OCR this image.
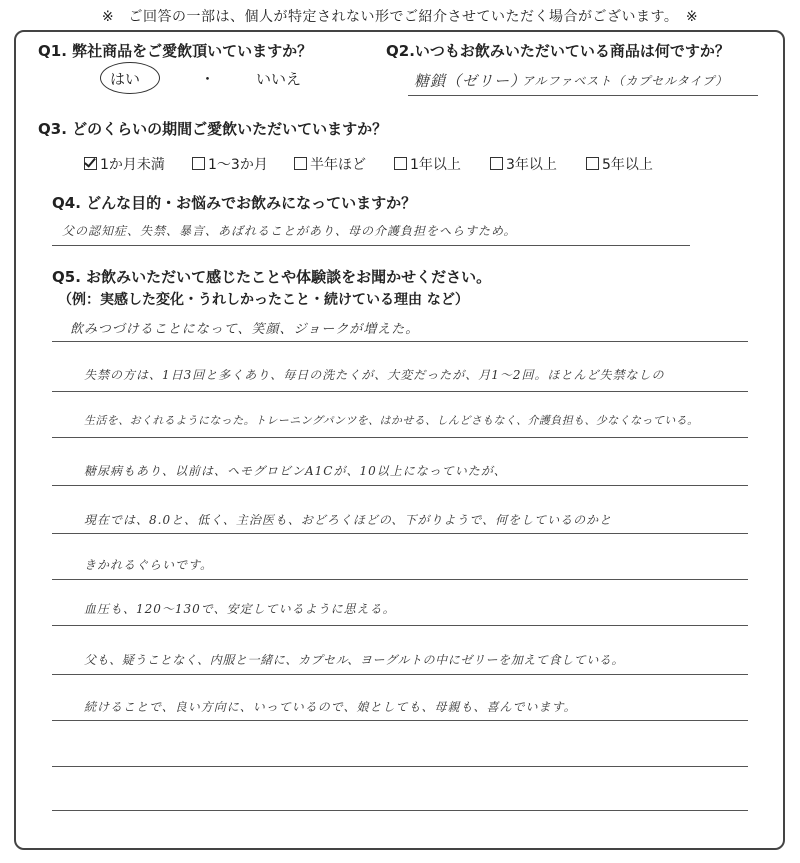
※　ご回答の一部は、個人が特定されない形でご紹介させていただく場合がございます。　※
Q1. 弊社商品をご愛飲頂いていますか？
はい	・	いいえ
Q2.いつもお飲みいただいている商品は何ですか？
糖鎖（ゼリー）
アルファベスト（カプセルタイプ）
Q3. どのくらいの期間ご愛飲いただいていますか？
1か月未満	1～3か月	半年ほど	1年以上	3年以上	5年以上
Q4. どんな目的・お悩みでお飲みになっていますか？
父の認知症、失禁、暴言、あばれることがあり、母の介護負担をへらすため。
Q5. お飲みいただいて感じたことや体験談をお聞かせください。
（例：実感した変化・うれしかったこと・続けている理由 など）
飲みつづけることになって、笑顔、ジョークが増えた。
失禁の方は、1日3回と多くあり、毎日の洗たくが、大変だったが、月1～2回。ほとんど失禁なしの
生活を、おくれるようになった。トレーニングパンツを、はかせる、しんどさもなく、介護負担も、少なくなっている。
糖尿病もあり、以前は、ヘモグロビンA1Cが、10以上になっていたが、
現在では、8.0と、低く、主治医も、おどろくほどの、下がりようで、何をしているのかと
きかれるぐらいです。
血圧も、120～130で、安定しているように思える。
父も、疑うことなく、内服と一緒に、カプセル、ヨーグルトの中にゼリーを加えて食している。
続けることで、良い方向に、いっているので、娘としても、母親も、喜んでいます。
